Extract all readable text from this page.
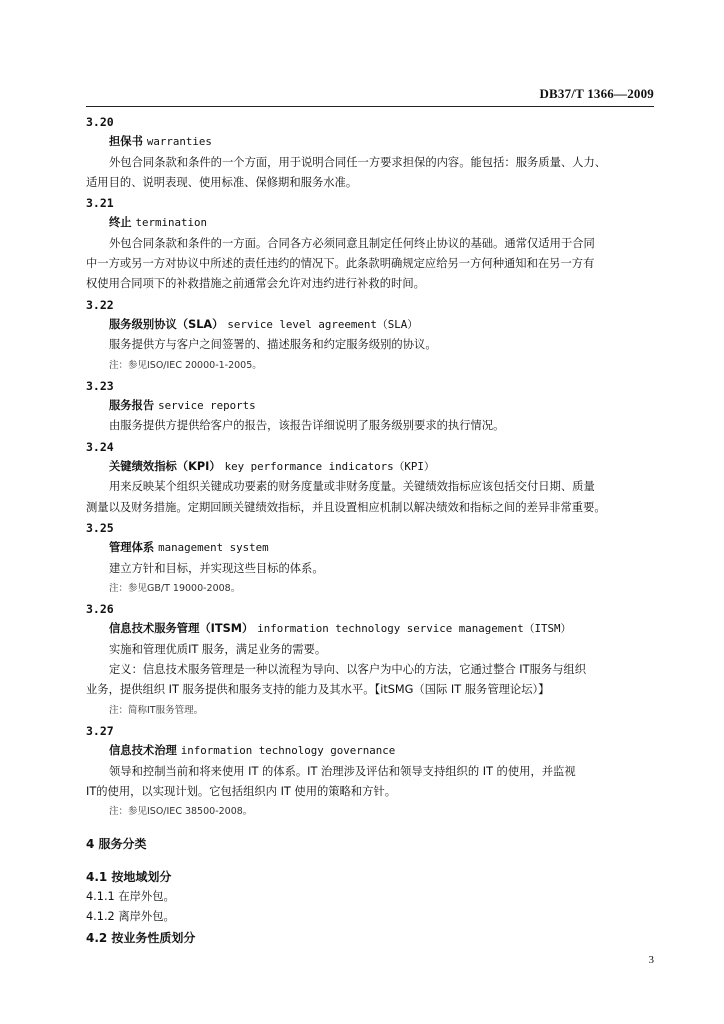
DB37/T 1366—2009
3.20
担保书 warranties
外包合同条款和条件的一个方面，用于说明合同任一方要求担保的内容。能包括：服务质量、人力、
适用目的、说明表现、使用标准、保修期和服务水准。
3.21
终止 termination
外包合同条款和条件的一方面。合同各方必须同意且制定任何终止协议的基础。通常仅适用于合同
中一方或另一方对协议中所述的责任违约的情况下。此条款明确规定应给另一方何种通知和在另一方有
权使用合同项下的补救措施之前通常会允许对违约进行补救的时间。
3.22
服务级别协议（SLA） service level agreement（SLA）
服务提供方与客户之间签署的、描述服务和约定服务级别的协议。
注：参见ISO/IEC 20000-1-2005。
3.23
服务报告 service reports
由服务提供方提供给客户的报告，该报告详细说明了服务级别要求的执行情况。
3.24
关键绩效指标（KPI） key performance indicators（KPI）
用来反映某个组织关键成功要素的财务度量或非财务度量。关键绩效指标应该包括交付日期、质量
测量以及财务措施。定期回顾关键绩效指标，并且设置相应机制以解决绩效和指标之间的差异非常重要。
3.25
管理体系 management system
建立方针和目标，并实现这些目标的体系。
注：参见GB/T 19000-2008。
3.26
信息技术服务管理（ITSM） information technology service management（ITSM）
实施和管理优质IT 服务，满足业务的需要。
定义：信息技术服务管理是一种以流程为导向、以客户为中心的方法，它通过整合 IT服务与组织
业务，提供组织 IT 服务提供和服务支持的能力及其水平。【itSMG（国际 IT 服务管理论坛）】
注：简称IT服务管理。
3.27
信息技术治理 information technology governance
领导和控制当前和将来使用 IT 的体系。IT 治理涉及评估和领导支持组织的 IT 的使用，并监视
IT的使用，以实现计划。它包括组织内 IT 使用的策略和方针。
注：参见ISO/IEC 38500-2008。
4 服务分类
4.1 按地域划分
4.1.1 在岸外包。
4.1.2 离岸外包。
4.2 按业务性质划分
3
